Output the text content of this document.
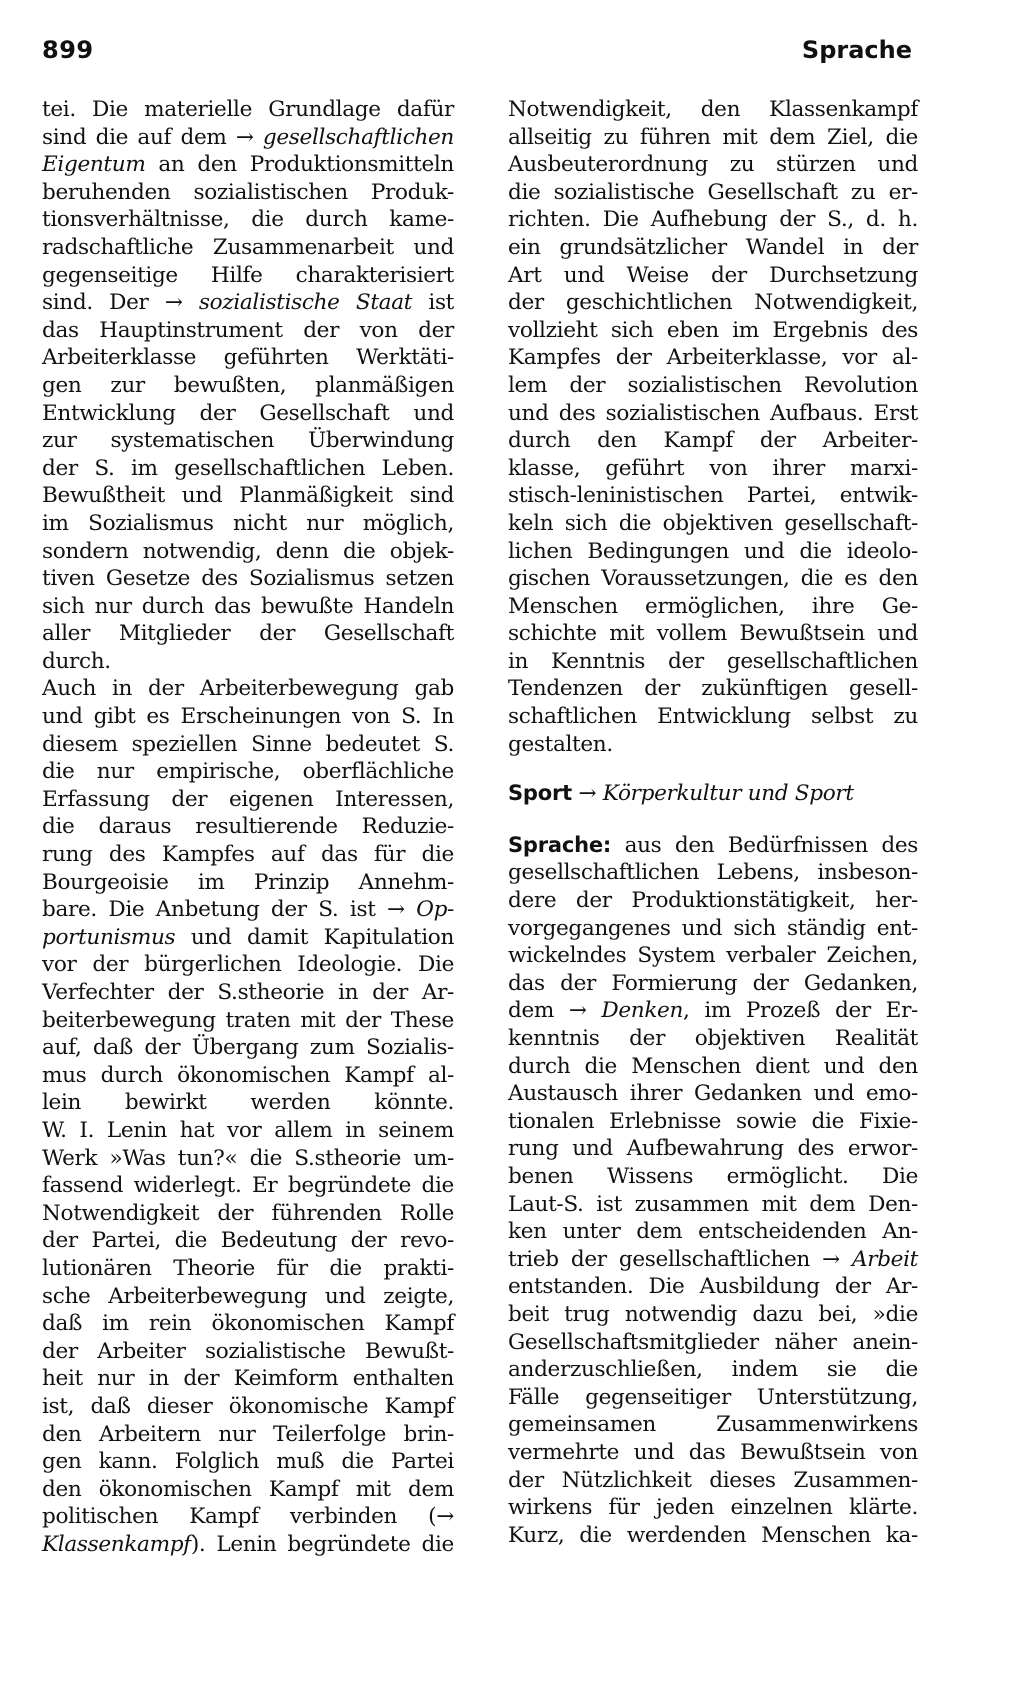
899	Sprache
tei. Die materielle Grundlage dafür
sind die auf dem → gesellschaftlichen
Eigentum an den Produktionsmitteln
beruhenden sozialistischen Produk-
tionsverhältnisse, die durch kame-
radschaftliche Zusammenarbeit und
gegenseitige Hilfe charakterisiert
sind. Der → sozialistische Staat ist
das Hauptinstrument der von der
Arbeiterklasse geführten Werktäti-
gen zur bewußten, planmäßigen
Entwicklung der Gesellschaft und
zur systematischen Überwindung
der S. im gesellschaftlichen Leben.
Bewußtheit und Planmäßigkeit sind
im Sozialismus nicht nur möglich,
sondern notwendig, denn die objek-
tiven Gesetze des Sozialismus setzen
sich nur durch das bewußte Handeln
aller Mitglieder der Gesellschaft
durch.
Auch in der Arbeiterbewegung gab
und gibt es Erscheinungen von S. In
diesem speziellen Sinne bedeutet S.
die nur empirische, oberflächliche
Erfassung der eigenen Interessen,
die daraus resultierende Reduzie-
rung des Kampfes auf das für die
Bourgeoisie im Prinzip Annehm-
bare. Die Anbetung der S. ist → Op-
portunismus und damit Kapitulation
vor der bürgerlichen Ideologie. Die
Verfechter der S.stheorie in der Ar-
beiterbewegung traten mit der These
auf, daß der Übergang zum Sozialis-
mus durch ökonomischen Kampf al-
lein bewirkt werden könnte.
W. I. Lenin hat vor allem in seinem
Werk »Was tun?« die S.stheorie um-
fassend widerlegt. Er begründete die
Notwendigkeit der führenden Rolle
der Partei, die Bedeutung der revo-
lutionären Theorie für die prakti-
sche Arbeiterbewegung und zeigte,
daß im rein ökonomischen Kampf
der Arbeiter sozialistische Bewußt-
heit nur in der Keimform enthalten
ist, daß dieser ökonomische Kampf
den Arbeitern nur Teilerfolge brin-
gen kann. Folglich muß die Partei
den ökonomischen Kampf mit dem
politischen Kampf verbinden (→
Klassenkampf). Lenin begründete die
Notwendigkeit, den Klassenkampf
allseitig zu führen mit dem Ziel, die
Ausbeuterordnung zu stürzen und
die sozialistische Gesellschaft zu er-
richten. Die Aufhebung der S., d. h.
ein grundsätzlicher Wandel in der
Art und Weise der Durchsetzung
der geschichtlichen Notwendigkeit,
vollzieht sich eben im Ergebnis des
Kampfes der Arbeiterklasse, vor al-
lem der sozialistischen Revolution
und des sozialistischen Aufbaus. Erst
durch den Kampf der Arbeiter-
klasse, geführt von ihrer marxi-
stisch-leninistischen Partei, entwik-
keln sich die objektiven gesellschaft-
lichen Bedingungen und die ideolo-
gischen Voraussetzungen, die es den
Menschen ermöglichen, ihre Ge-
schichte mit vollem Bewußtsein und
in Kenntnis der gesellschaftlichen
Tendenzen der zukünftigen gesell-
schaftlichen Entwicklung selbst zu
gestalten.
Sport → Körperkultur und Sport
Sprache: aus den Bedürfnissen des
gesellschaftlichen Lebens, insbeson-
dere der Produktionstätigkeit, her-
vorgegangenes und sich ständig ent-
wickelndes System verbaler Zeichen,
das der Formierung der Gedanken,
dem → Denken, im Prozeß der Er-
kenntnis der objektiven Realität
durch die Menschen dient und den
Austausch ihrer Gedanken und emo-
tionalen Erlebnisse sowie die Fixie-
rung und Aufbewahrung des erwor-
benen Wissens ermöglicht. Die
Laut-S. ist zusammen mit dem Den-
ken unter dem entscheidenden An-
trieb der gesellschaftlichen → Arbeit
entstanden. Die Ausbildung der Ar-
beit trug notwendig dazu bei, »die
Gesellschaftsmitglieder näher anein-
anderzuschließen, indem sie die
Fälle gegenseitiger Unterstützung,
gemeinsamen Zusammenwirkens
vermehrte und das Bewußtsein von
der Nützlichkeit dieses Zusammen-
wirkens für jeden einzelnen klärte.
Kurz, die werdenden Menschen ka-
